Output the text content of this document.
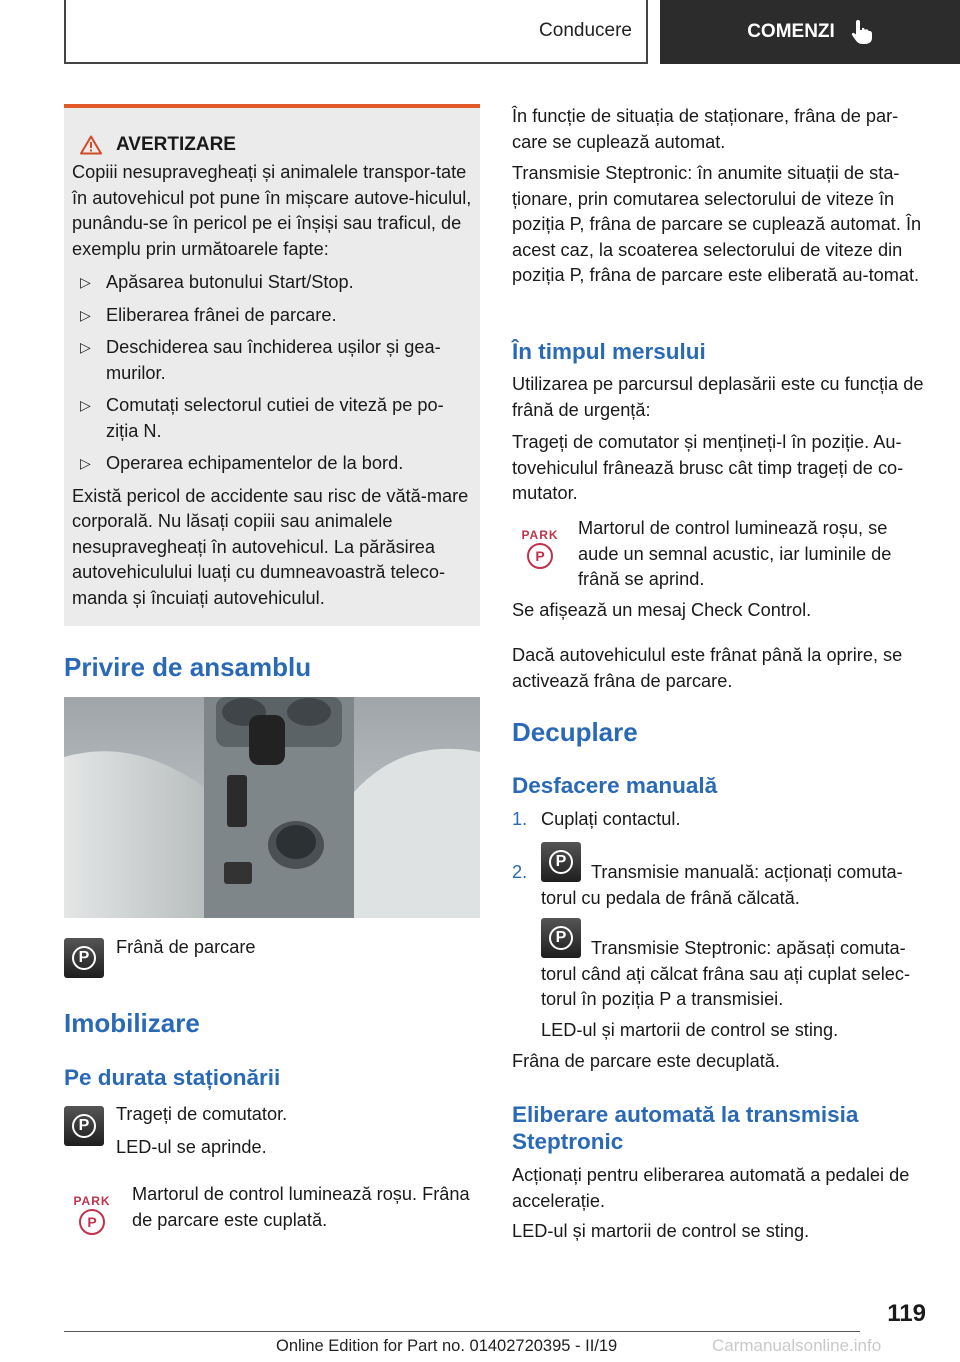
Conducere	COMENZI
AVERTIZARE

Copiii nesupravegheați și animalele transpor-tate în autovehicul pot pune în mișcare autove-hiculul, punându-se în pericol pe ei înșiși sau traficul, de exemplu prin următoarele fapte:

▷ Apăsarea butonului Start/Stop.
▷ Eliberarea frânei de parcare.
▷ Deschiderea sau închiderea ușilor și gea-murilor.
▷ Comutați selectorul cutiei de viteză pe po-ziția N.
▷ Operarea echipamentelor de la bord.

Există pericol de accidente sau risc de vătă-mare corporală. Nu lăsați copiii sau animalele nesupravegheați în autovehicul. La părăsirea autovehiculului luați cu dumneavoastră teleco-manda și încuiați autovehiculul.

Privire de ansamblu
P

Frână de parcare

Imobilizare
Pe durata staționării
P

Trageți de comutator.

LED-ul se aprinde.

PARK
P

Martorul de control luminează roșu. Frâna de parcare este cuplată.

În funcție de situația de staționare, frâna de par-care se cuplează automat.

Transmisie Steptronic: în anumite situații de sta-ționare, prin comutarea selectorului de viteze în poziția P, frâna de parcare se cuplează automat. În acest caz, la scoaterea selectorului de viteze din poziția P, frâna de parcare este eliberată au-tomat.

În timpul mersului

Utilizarea pe parcursul deplasării este cu funcția de frână de urgență:

Trageți de comutator și mențineți-l în poziție. Au-tovehiculul frânează brusc cât timp trageți de co-mutator.

PARK
P

Martorul de control luminează roșu, se aude un semnal acustic, iar luminile de frână se aprind.

Se afișează un mesaj Check Control.

Dacă autovehiculul este frânat până la oprire, se activează frâna de parcare.

Decuplare
Desfacere manuală
1. Cuplați contactul.

2.
P

Transmisie manuală: acționați comuta-torul cu pedala de frână călcată.

P

Transmisie Steptronic: apăsați comuta-torul când ați călcat frâna sau ați cuplat selec-torul în poziția P a transmisiei.

LED-ul și martorii de control se sting.

Frâna de parcare este decuplată.

Eliberare automată la transmisia Steptronic

Acționați pentru eliberarea automată a pedalei de accelerație.

LED-ul și martorii de control se sting.

119
Online Edition for Part no. 01402720395 - II/19	Carmanualsonline.info
